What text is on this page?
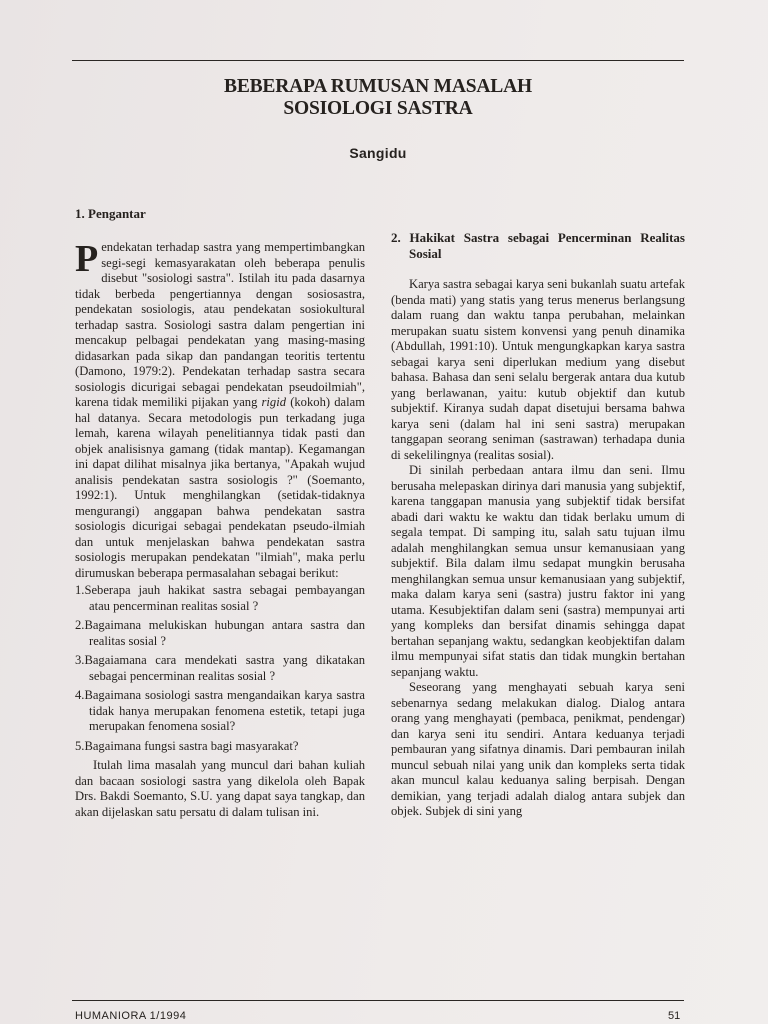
BEBERAPA RUMUSAN MASALAH
SOSIOLOGI SASTRA
Sangidu
1. Pengantar

Pendekatan terhadap sastra yang mempertimbangkan segi-segi kemasyarakatan oleh beberapa penulis disebut "sosiologi sastra". Istilah itu pada dasarnya tidak berbeda pengertiannya dengan sosiosastra, pendekatan sosiologis, atau pendekatan sosiokultural terhadap sastra. Sosiologi sastra dalam pengertian ini mencakup pelbagai pendekatan yang masing-masing didasarkan pada sikap dan pandangan teoritis tertentu (Damono, 1979:2). Pendekatan terhadap sastra secara sosiologis dicurigai sebagai pendekatan pseudoilmiah", karena tidak memiliki pijakan yang rigid (kokoh) dalam hal datanya. Secara metodologis pun terkadang juga lemah, karena wilayah penelitiannya tidak pasti dan objek analisisnya gamang (tidak mantap). Kegamangan ini dapat dilihat misalnya jika bertanya, "Apakah wujud analisis pendekatan sastra sosiologis ?" (Soemanto, 1992:1). Untuk menghilangkan (setidak-tidaknya mengurangi) anggapan bahwa pendekatan sastra sosiologis dicurigai sebagai pendekatan pseudo-ilmiah dan untuk menjelaskan bahwa pendekatan sastra sosiologis merupakan pendekatan "ilmiah", maka perlu dirumuskan beberapa permasalahan sebagai berikut:

1.Seberapa jauh hakikat sastra sebagai pembayangan atau pencerminan realitas sosial ?
2.Bagaimana melukiskan hubungan antara sastra dan realitas sosial ?
3.Bagaiamana cara mendekati sastra yang dikatakan sebagai pencerminan realitas sosial ?
4.Bagaimana sosiologi sastra mengandaikan karya sastra tidak hanya merupakan fenomena estetik, tetapi juga merupakan fenomena sosial?
5.Bagaimana fungsi sastra bagi masyarakat?

Itulah lima masalah yang muncul dari bahan kuliah dan bacaan sosiologi sastra yang dikelola oleh Bapak Drs. Bakdi Soemanto, S.U. yang dapat saya tangkap, dan akan dijelaskan satu persatu di dalam tulisan ini.

2. Hakikat Sastra sebagai Pencerminan Realitas Sosial

Karya sastra sebagai karya seni bukanlah suatu artefak (benda mati) yang statis yang terus menerus berlangsung dalam ruang dan waktu tanpa perubahan, melainkan merupakan suatu sistem konvensi yang penuh dinamika (Abdullah, 1991:10). Untuk mengungkapkan karya sastra sebagai karya seni diperlukan medium yang disebut bahasa. Bahasa dan seni selalu bergerak antara dua kutub yang berlawanan, yaitu: kutub objektif dan kutub subjektif. Kiranya sudah dapat disetujui bersama bahwa karya seni (dalam hal ini seni sastra) merupakan tanggapan seorang seniman (sastrawan) terhadapa dunia di sekelilingnya (realitas sosial).

Di sinilah perbedaan antara ilmu dan seni. Ilmu berusaha melepaskan dirinya dari manusia yang subjektif, karena tanggapan manusia yang subjektif tidak bersifat abadi dari waktu ke waktu dan tidak berlaku umum di segala tempat. Di samping itu, salah satu tujuan ilmu adalah menghilangkan semua unsur kemanusiaan yang subjektif. Bila dalam ilmu sedapat mungkin berusaha menghilangkan semua unsur kemanusiaan yang subjektif, maka dalam karya seni (sastra) justru faktor ini yang utama. Kesubjektifan dalam seni (sastra) mempunyai arti yang kompleks dan bersifat dinamis sehingga dapat bertahan sepanjang waktu, sedangkan keobjektifan dalam ilmu mempunyai sifat statis dan tidak mungkin bertahan sepanjang waktu.

Seseorang yang menghayati sebuah karya seni sebenarnya sedang melakukan dialog. Dialog antara orang yang menghayati (pembaca, penikmat, pendengar) dan karya seni itu sendiri. Antara keduanya terjadi pembauran yang sifatnya dinamis. Dari pembauran inilah muncul sebuah nilai yang unik dan kompleks serta tidak akan muncul kalau keduanya saling berpisah. Dengan demikian, yang terjadi adalah dialog antara subjek dan objek. Subjek di sini yang

HUMANIORA 1/1994	51
